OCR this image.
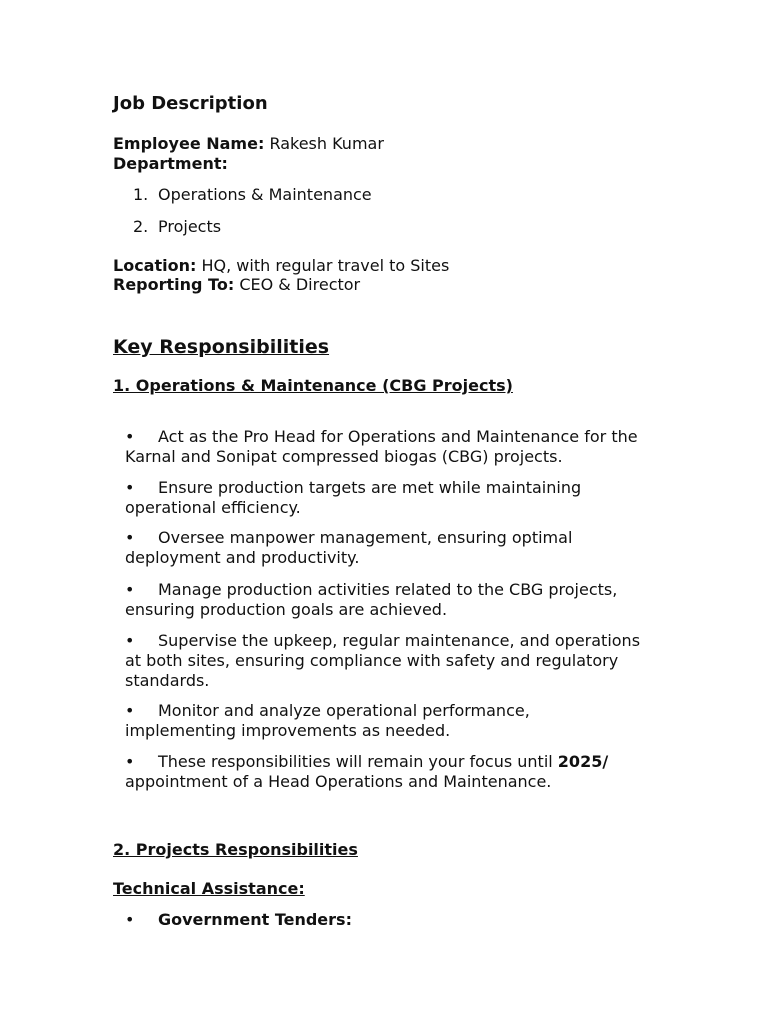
Job Description
Employee Name: Rakesh Kumar
Department:
1. Operations & Maintenance
2. Projects
Location: HQ, with regular travel to Sites
Reporting To: CEO & Director
Key Responsibilities
1. Operations & Maintenance (CBG Projects)
• Act as the Pro Head for Operations and Maintenance for the
Karnal and Sonipat compressed biogas (CBG) projects.
• Ensure production targets are met while maintaining
operational efficiency.
• Oversee manpower management, ensuring optimal
deployment and productivity.
• Manage production activities related to the CBG projects,
ensuring production goals are achieved.
• Supervise the upkeep, regular maintenance, and operations
at both sites, ensuring compliance with safety and regulatory
standards.
• Monitor and analyze operational performance,
implementing improvements as needed.
• These responsibilities will remain your focus until 2025/
appointment of a Head Operations and Maintenance.
2. Projects Responsibilities
Technical Assistance:
• Government Tenders:
